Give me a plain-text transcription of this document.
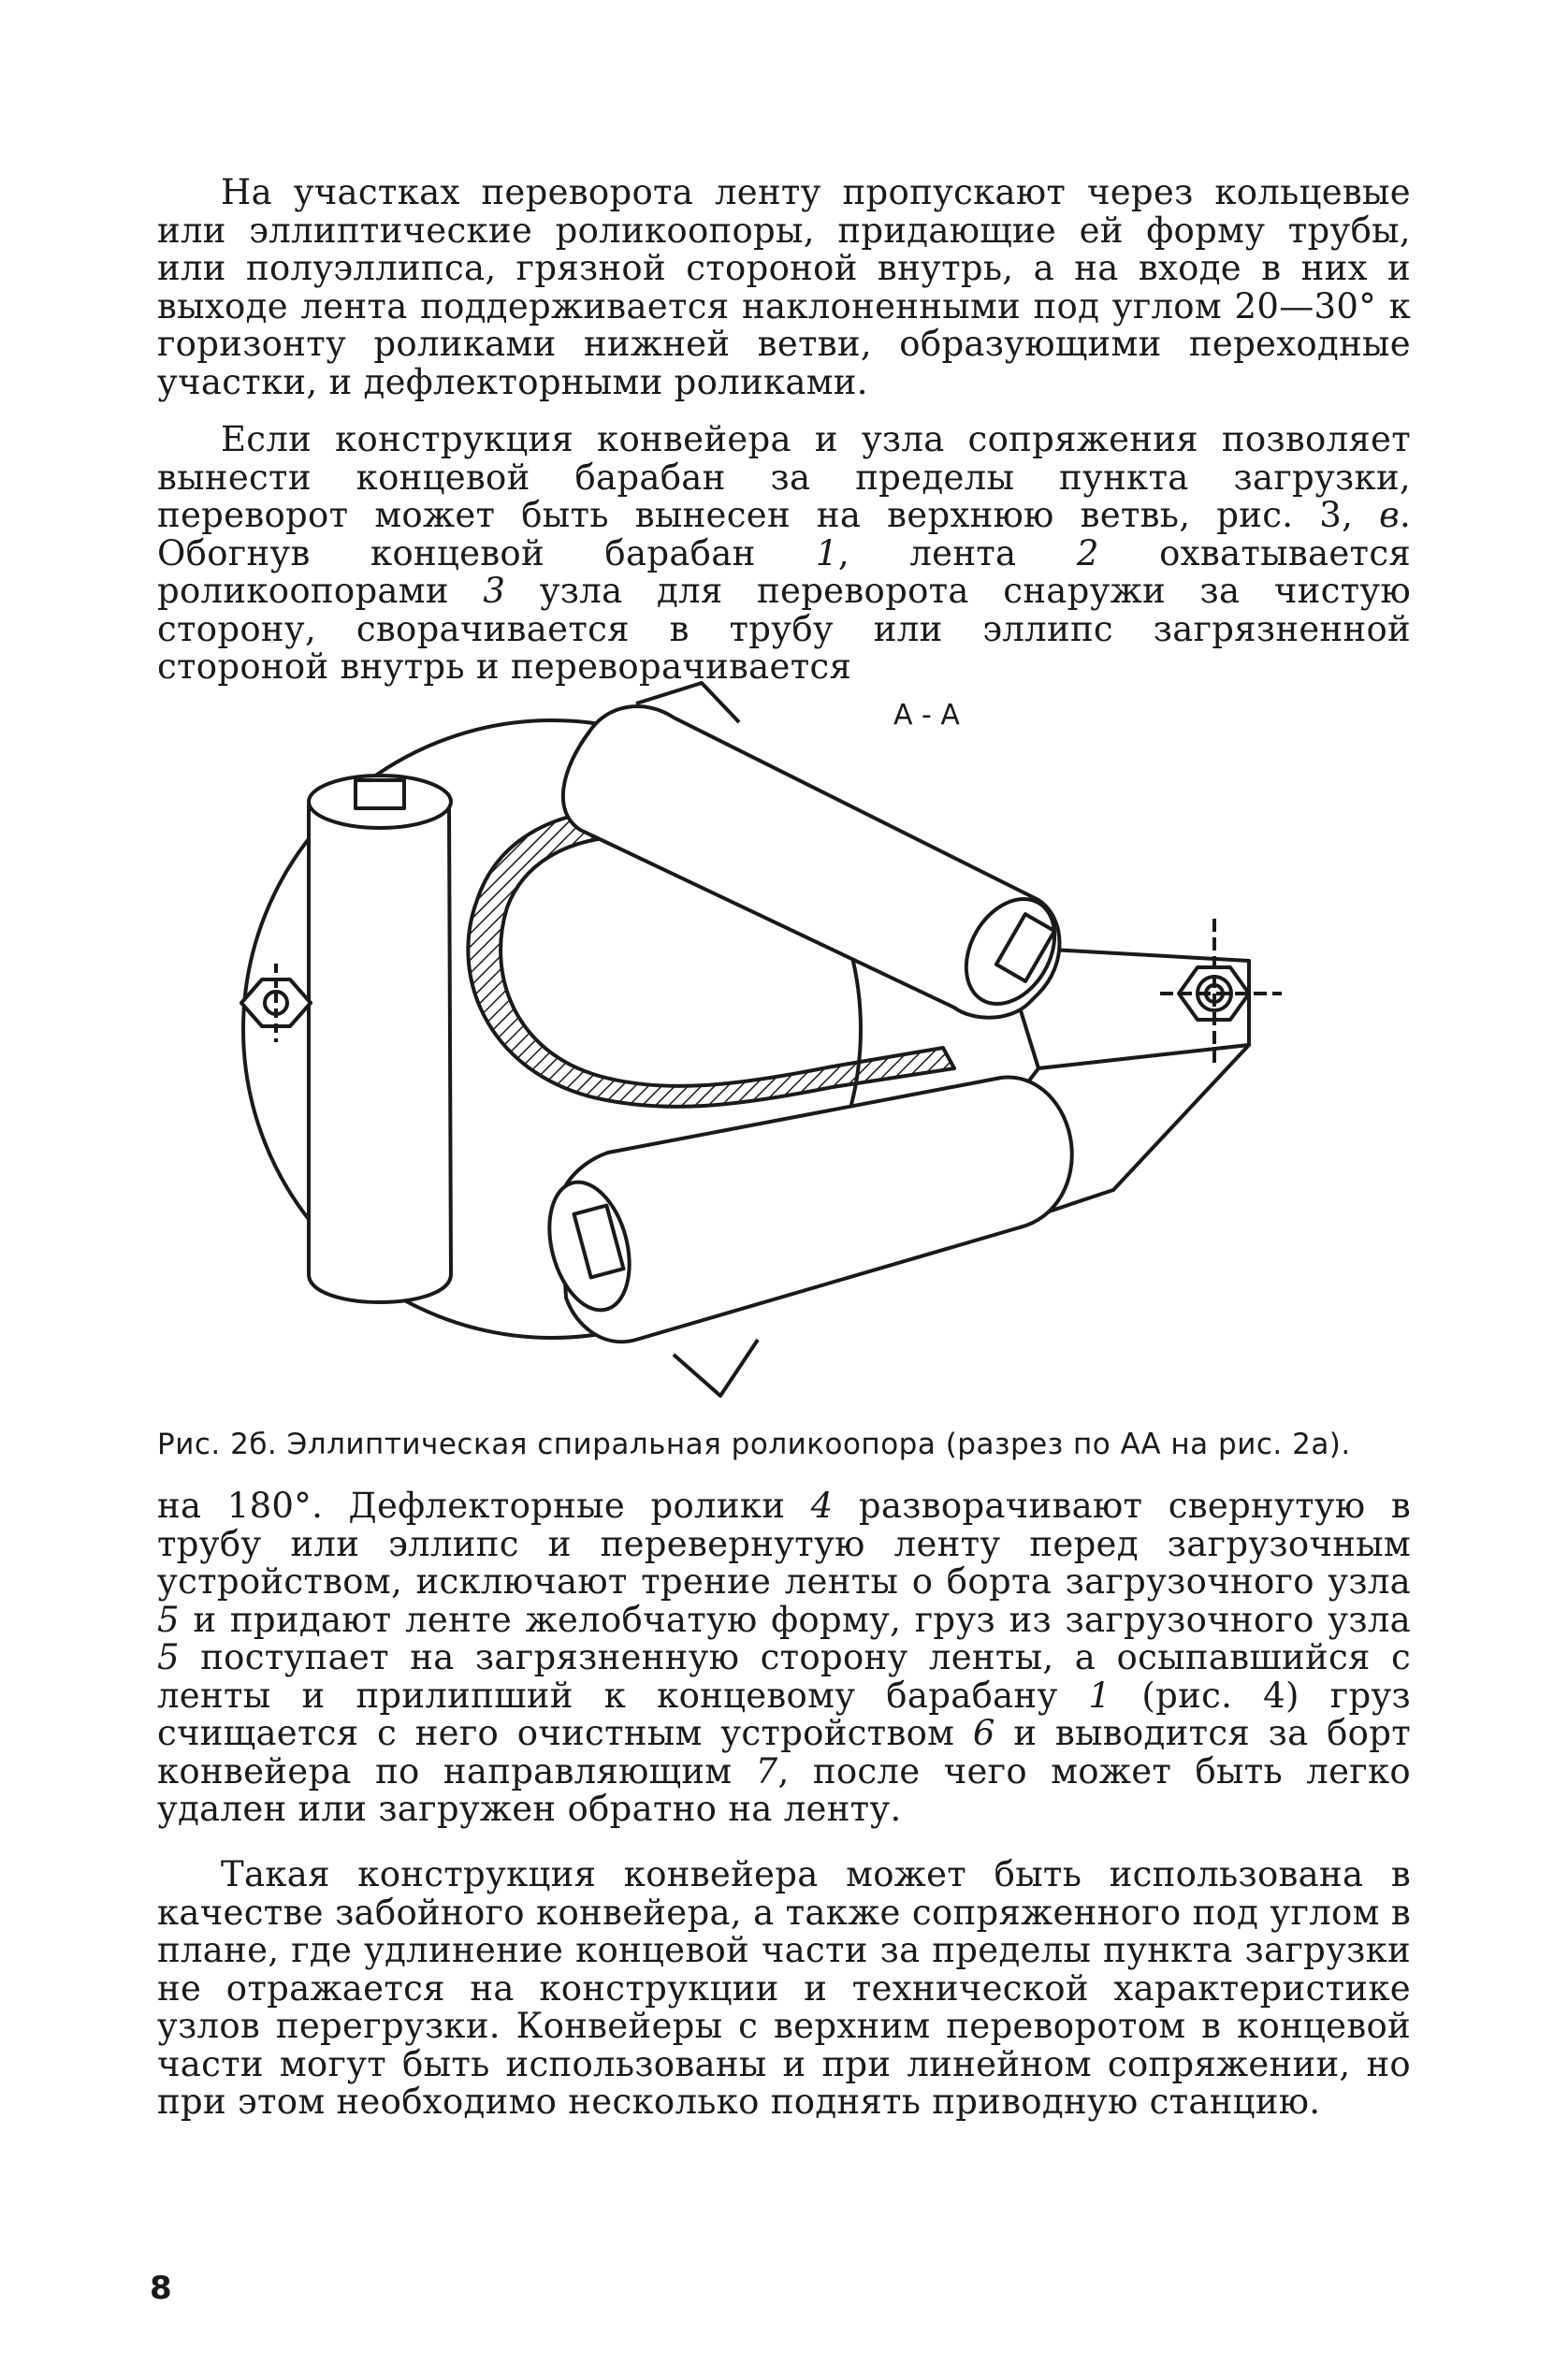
На участках переворота ленту пропускают через кольцевые или эллиптические роликоопоры, придающие ей форму трубы, или полуэллипса, грязной стороной внутрь, а на входе в них и выходе лента поддерживается наклоненными под углом 20—30° к горизонту роликами нижней ветви, образующими переходные участки, и дефлекторными роликами.

Если конструкция конвейера и узла сопряжения позволяет вынести концевой барабан за пределы пункта загрузки, переворот может быть вынесен на верхнюю ветвь, рис. 3, в. Обогнув концевой барабан 1, лента 2 охватывается роликоопорами 3 узла для переворота снаружи за чистую сторону, сворачивается в трубу или эллипс загрязненной стороной внутрь и переворачивается

А - А

Рис. 2б. Эллиптическая спиральная роликоопора (разрез по АА на рис. 2а).

на 180°. Дефлекторные ролики 4 разворачивают свернутую в трубу или эллипс и перевернутую ленту перед загрузочным устройством, исключают трение ленты о борта загрузочного узла 5 и придают ленте желобчатую форму, груз из загрузочного узла 5 поступает на загрязненную сторону ленты, а осыпавшийся с ленты и прилипший к концевому барабану 1 (рис. 4) груз счищается с него очистным устройством 6 и выводится за борт конвейера по направляющим 7, после чего может быть легко удален или загружен обратно на ленту.

Такая конструкция конвейера может быть использована в качестве забойного конвейера, а также сопряженного под углом в плане, где удлинение концевой части за пределы пункта загрузки не отражается на конструкции и технической характеристике узлов перегрузки. Конвейеры с верхним переворотом в концевой части могут быть использованы и при линейном сопряжении, но при этом необходимо несколько поднять приводную станцию.

8
